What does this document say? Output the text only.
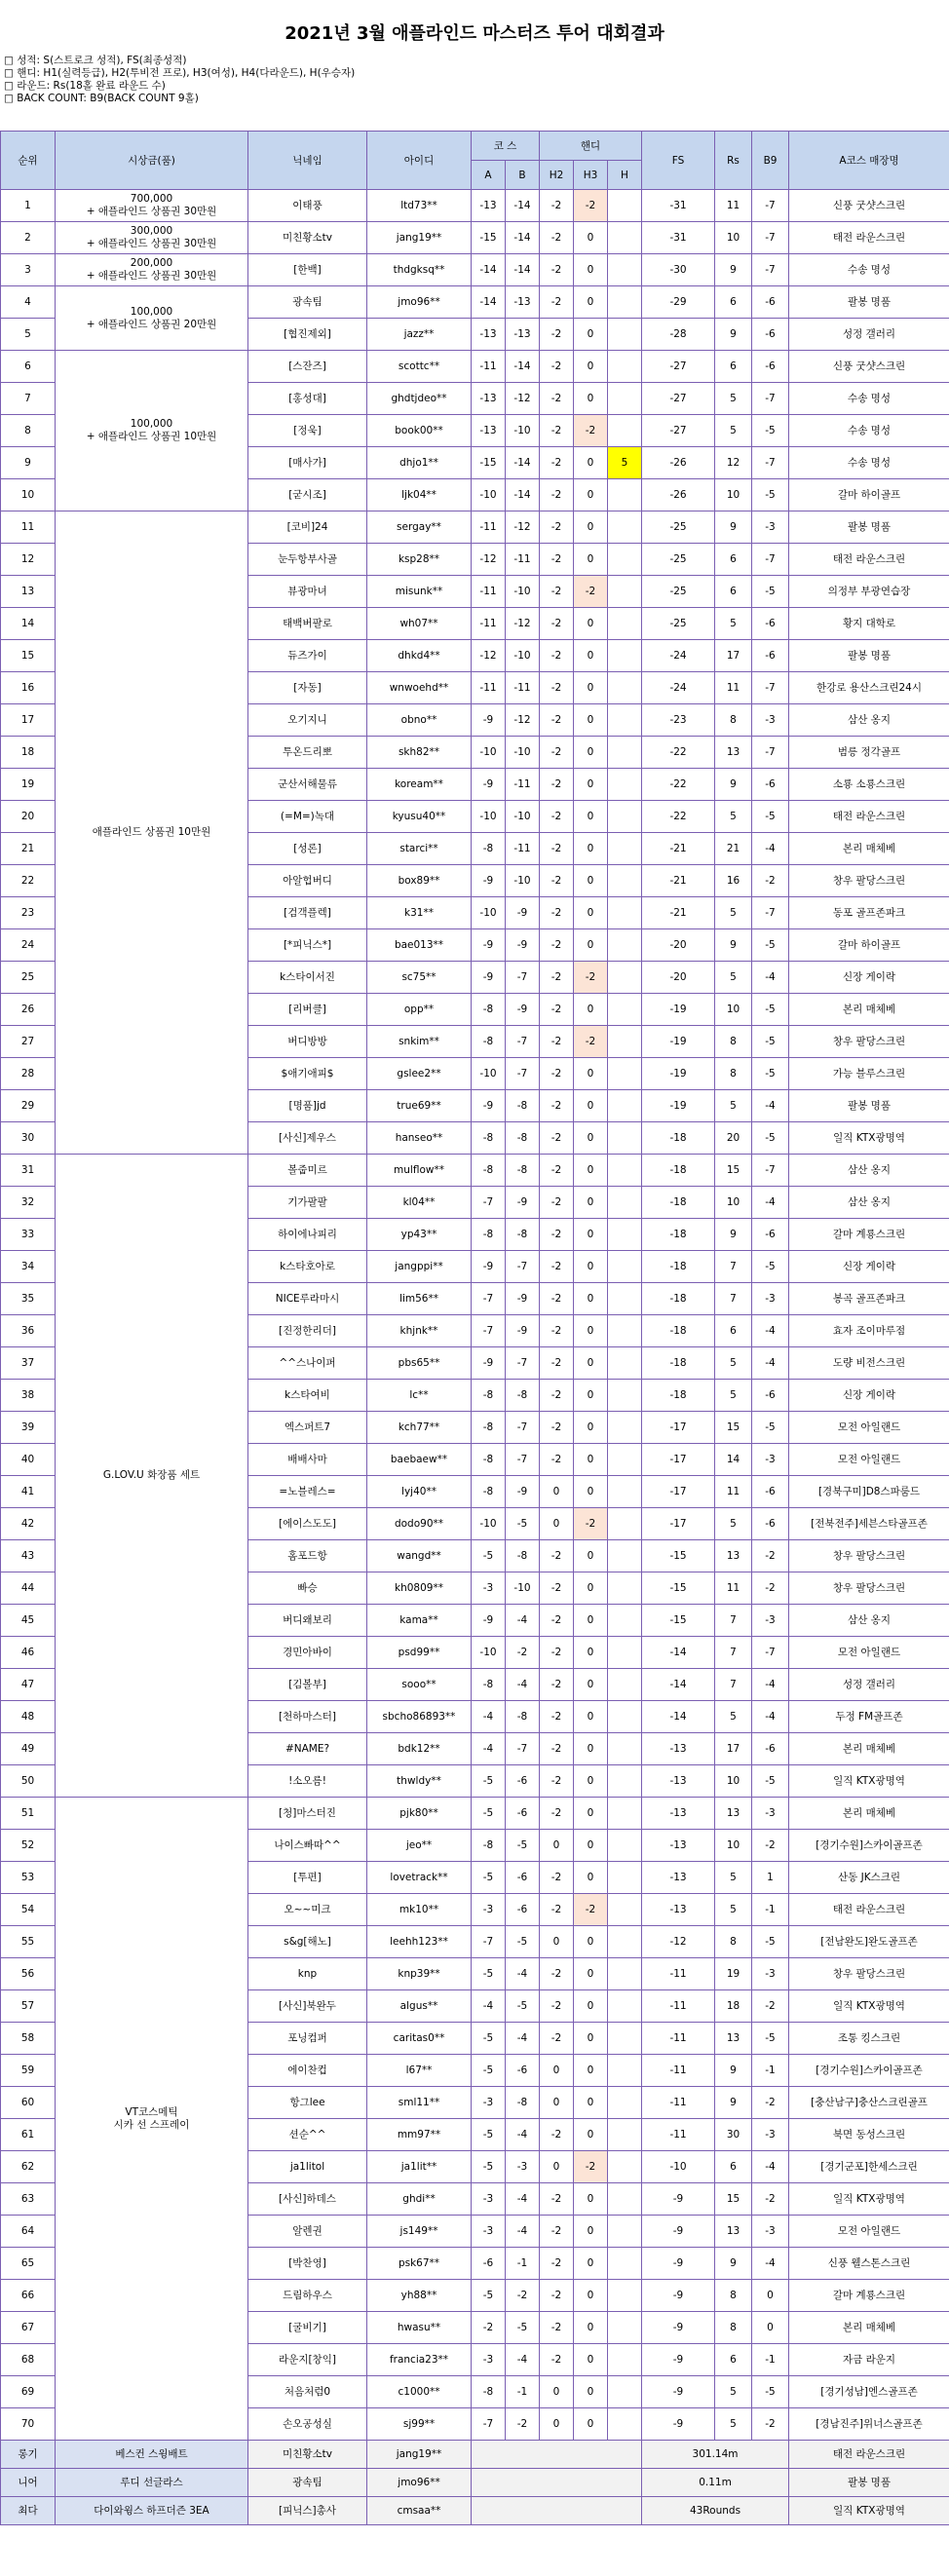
2021년 3월 애플라인드 마스터즈 투어 대회결과
□ 성적: S(스트로크 성적), FS(최종성적)
□ 핸디: H1(실력등급), H2(투비전 프로), H3(여성), H4(다라운드), H(우승자)
□ 라운드: Rs(18홀 완료 라운드 수)
□ BACK COUNT: B9(BACK COUNT 9홀)
순위	시상금(품)	닉네임	아이디	코 스		핸디			FS	Rs	B9	A코스 매장명
				A	B	H2	H3	H				
1	700,000
+ 애플라인드 상품권 30만원	이태풍	ltd73**	-13	-14	-2	-2		-31	11	-7	신풍 굿샷스크린
2	300,000
+ 애플라인드 상품권 30만원	미친황소tv	jang19**	-15	-14	-2	0		-31	10	-7	태전 라운스크린
3	200,000
+ 애플라인드 상품권 30만원	[한백]	thdgksq**	-14	-14	-2	0		-30	9	-7	수송 명성
4	100,000
+ 애플라인드 상품권 20만원	광속팀	jmo96**	-14	-13	-2	0		-29	6	-6	팔봉 명품
5		[협진제외]	jazz**	-13	-13	-2	0		-28	9	-6	성정 갤러리
6	100,000
+ 애플라인드 상품권 10만원	[스잔즈]	scottc**	-11	-14	-2	0		-27	6	-6	신풍 굿샷스크린
7		[홍성대]	ghdtjdeo**	-13	-12	-2	0		-27	5	-7	수송 명성
8		[정욱]	book00**	-13	-10	-2	-2		-27	5	-5	수송 명성
9		[매사가]	dhjo1**	-15	-14	-2	0	5	-26	12	-7	수송 명성
10		[굳시조]	ljk04**	-10	-14	-2	0		-26	10	-5	갈마 하이골프
11	애플라인드 상품권 10만원	[코비]24	sergay**	-11	-12	-2	0		-25	9	-3	팔봉 명품
12		눈두항부사골	ksp28**	-12	-11	-2	0		-25	6	-7	태전 라운스크린
13		뷰광마녀	misunk**	-11	-10	-2	-2		-25	6	-5	의정부 부광연습장
14		태백버팔로	wh07**	-11	-12	-2	0		-25	5	-6	황지 대학로
15		듀즈가이	dhkd4**	-12	-10	-2	0		-24	17	-6	팔봉 명품
16		[자동]	wnwoehd**	-11	-11	-2	0		-24	11	-7	한강로 용산스크린24시
17		오기지니	obno**	-9	-12	-2	0		-23	8	-3	삼산 옹지
18		투온드리뽀	skh82**	-10	-10	-2	0		-22	13	-7	범릉 정각골프
19		군산서해물류	koream**	-9	-11	-2	0		-22	9	-6	소룡 소룡스크린
20		(=M=)녹대	kyusu40**	-10	-10	-2	0		-22	5	-5	태전 라운스크린
21		[성론]	starci**	-8	-11	-2	0		-21	21	-4	본리 매체베
22		아알헙버디	box89**	-9	-10	-2	0		-21	16	-2	창우 팔당스크린
23		[검객플렉]	k31**	-10	-9	-2	0		-21	5	-7	동포 골프존파크
24		[*피닉스*]	bae013**	-9	-9	-2	0		-20	9	-5	갈마 하이골프
25		k스타이서진	sc75**	-9	-7	-2	-2		-20	5	-4	신장 게이락
26		[리버클]	opp**	-8	-9	-2	0		-19	10	-5	본리 매체베
27		버디방방	snkim**	-8	-7	-2	-2		-19	8	-5	창우 팔당스크린
28		$애기애피$	gslee2**	-10	-7	-2	0		-19	8	-5	가능 블루스크린
29		[명품]jd	true69**	-9	-8	-2	0		-19	5	-4	팔봉 명품
30		[사신]제우스	hanseo**	-8	-8	-2	0		-18	20	-5	일직 KTX광명역
31	G.LOV.U 화장품 세트	볼줍미르	mulflow**	-8	-8	-2	0		-18	15	-7	삼산 옹지
32		기가팔팔	kl04**	-7	-9	-2	0		-18	10	-4	삼산 옹지
33		하이에나피리	yp43**	-8	-8	-2	0		-18	9	-6	갈마 계룡스크린
34		k스타호아로	jangppi**	-9	-7	-2	0		-18	7	-5	신장 게이락
35		NICE루라마시	lim56**	-7	-9	-2	0		-18	7	-3	봉곡 골프존파크
36		[진정한리더]	khjnk**	-7	-9	-2	0		-18	6	-4	효자 조이마루점
37		^^스나이퍼	pbs65**	-9	-7	-2	0		-18	5	-4	도량 비전스크린
38		k스타여비	lc**	-8	-8	-2	0		-18	5	-6	신장 게이락
39		엑스퍼트7	kch77**	-8	-7	-2	0		-17	15	-5	모전 아일랜드
40		배배사마	baebaew**	-8	-7	-2	0		-17	14	-3	모전 아일랜드
41		=노블레스=	lyj40**	-8	-9	0	0		-17	11	-6	[경북구미]D8스파룸드
42		[에이스도도]	dodo90**	-10	-5	0	-2		-17	5	-6	[전북전주]세븐스타골프존
43		홈포드항	wangd**	-5	-8	-2	0		-15	13	-2	창우 팔당스크린
44		빠승	kh0809**	-3	-10	-2	0		-15	11	-2	창우 팔당스크린
45		버디왜보리	kama**	-9	-4	-2	0		-15	7	-3	삼산 옹지
46		경민아바이	psd99**	-10	-2	-2	0		-14	7	-7	모전 아일랜드
47		[김볼부]	sooo**	-8	-4	-2	0		-14	7	-4	성정 갤러리
48		[천하마스터]	sbcho86893**	-4	-8	-2	0		-14	5	-4	두정 FM골프존
49		#NAME?	bdk12**	-4	-7	-2	0		-13	17	-6	본리 매체베
50		!소오름!	thwldy**	-5	-6	-2	0		-13	10	-5	일직 KTX광명역
51	VT코스메틱
시카 선 스프레이	[청]마스터진	pjk80**	-5	-6	-2	0		-13	13	-3	본리 매체베
52		나이스빠따^^	jeo**	-8	-5	0	0		-13	10	-2	[경기수원]스카이골프존
53		[투편]	lovetrack**	-5	-6	-2	0		-13	5	1	산동 JK스크린
54		오~~미크	mk10**	-3	-6	-2	-2		-13	5	-1	태전 라운스크린
55		s&g[해노]	leehh123**	-7	-5	0	0		-12	8	-5	[전남완도]완도골프존
56		knp	knp39**	-5	-4	-2	0		-11	19	-3	창우 팔당스크린
57		[사신]북완두	algus**	-4	-5	-2	0		-11	18	-2	일직 KTX광명역
58		포닝컴퍼	caritas0**	-5	-4	-2	0		-11	13	-5	조통 킹스크린
59		에이찬컵	l67**	-5	-6	0	0		-11	9	-1	[경기수원]스카이골프존
60		항그lee	sml11**	-3	-8	0	0		-11	9	-2	[충산남구]충산스크린골프
61		션순^^	mm97**	-5	-4	-2	0		-11	30	-3	북면 동성스크린
62		ja1litol	ja1lit**	-5	-3	0	-2		-10	6	-4	[경기군포]한세스크린
63		[사신]하데스	ghdi**	-3	-4	-2	0		-9	15	-2	일직 KTX광명역
64		알렌권	js149**	-3	-4	-2	0		-9	13	-3	모전 아일랜드
65		[박찬영]	psk67**	-6	-1	-2	0		-9	9	-4	신풍 웰스톤스크린
66		드림하우스	yh88**	-5	-2	-2	0		-9	8	0	갈마 계룡스크린
67		[굴비기]	hwasu**	-2	-5	-2	0		-9	8	0	본리 매체베
68		라운지[창익]	francia23**	-3	-4	-2	0		-9	6	-1	자금 라운지
69		처음처럼0	c1000**	-8	-1	0	0		-9	5	-5	[경기성남]엔스골프존
70		손오공성실	sj99**	-7	-2	0	0		-9	5	-2	[경남진주]위너스골프존
롱기	베스컨 스윙배트	미친황소tv	jang19**						301.14m			태전 라운스크린
니어	루디 선글라스	광속팀	jmo96**						0.11m			팔봉 명품
최다	다이와윙스 하프더즌 3EA	[피닉스]총사	cmsaa**						43Rounds			일직 KTX광명역
